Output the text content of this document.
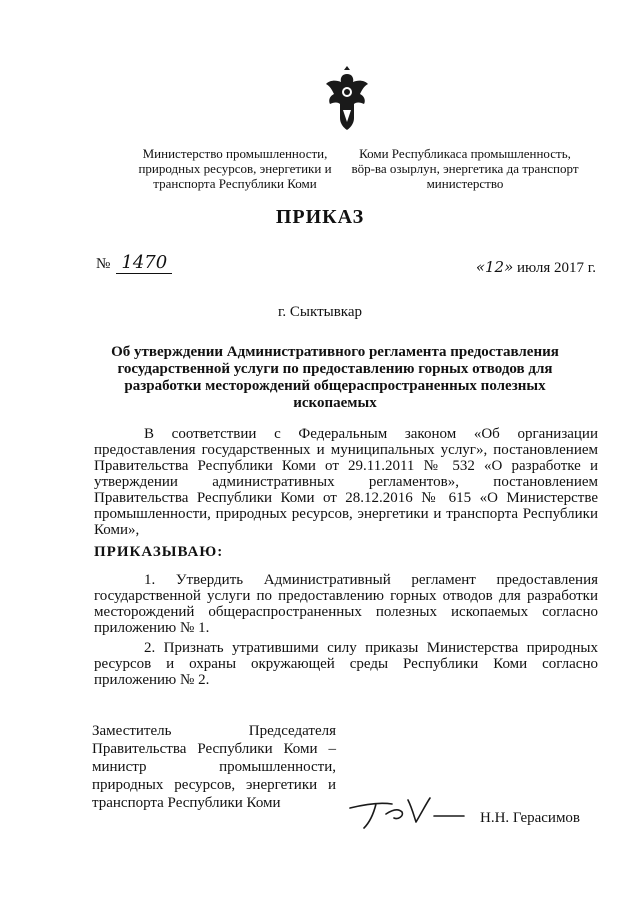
Министерство промышленности,
природных ресурсов, энергетики и
транспорта Республики Коми
Коми Республикаса промышленность,
вӧр-ва озырлун, энергетика да транспорт
министерство
ПРИКАЗ
№ 1470	«12» июля 2017 г.
г. Сыктывкар
Об утверждении Административного регламента предоставления государственной услуги по предоставлению горных отводов для разработки месторождений общераспространенных полезных ископаемых
В соответствии с Федеральным законом «Об организации предоставления государственных и муниципальных услуг», постановлением Правительства Республики Коми от 29.11.2011 № 532 «О разработке и утверждении административных регламентов», постановлением Правительства Республики Коми от 28.12.2016 № 615 «О Министерстве промышленности, природных ресурсов, энергетики и транспорта Республики Коми»,
ПРИКАЗЫВАЮ:
1. Утвердить Административный регламент предоставления государственной услуги по предоставлению горных отводов для разработки месторождений общераспространенных полезных ископаемых согласно приложению № 1.
2. Признать утратившими силу приказы Министерства природных ресурсов и охраны окружающей среды Республики Коми согласно приложению № 2.
Заместитель	Председателя
Правительства Республики Коми – министр промышленности, природных ресурсов, энергетики и транспорта Республики Коми
Н.Н. Герасимов
